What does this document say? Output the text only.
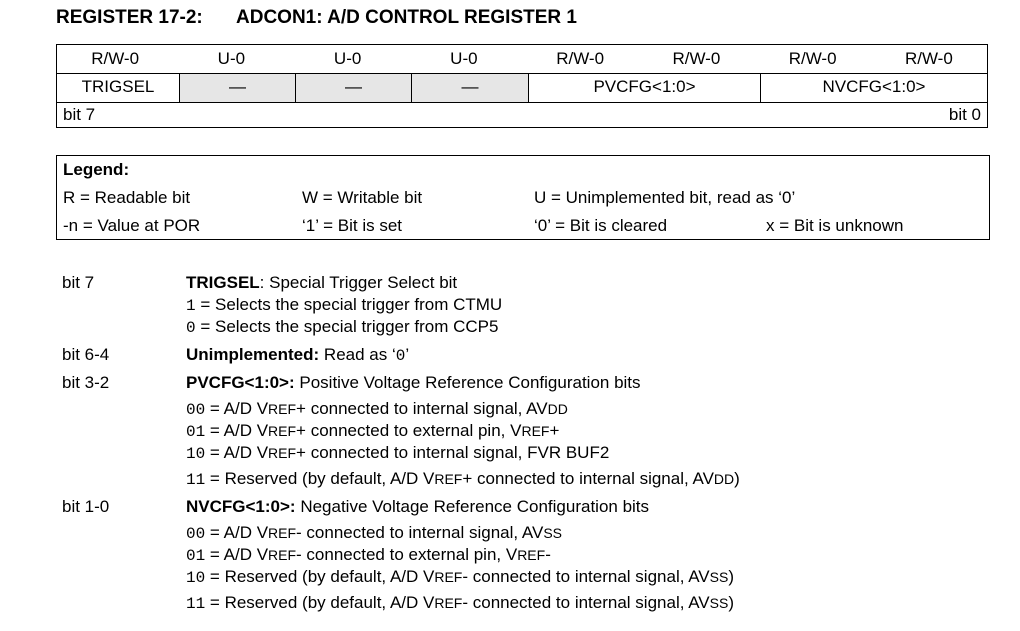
REGISTER 17-2: ADCON1: A/D CONTROL REGISTER 1
R/W-0	U-0	U-0	U-0	R/W-0	R/W-0	R/W-0	R/W-0
TRIGSEL	—	—	—	PVCFG<1:0>	NVCFG<1:0>
bit 7	bit 0
Legend:
R = Readable bit	W = Writable bit	U = Unimplemented bit, read as ‘0’
-n = Value at POR	‘1’ = Bit is set	‘0’ = Bit is cleared	x = Bit is unknown
bit 7	TRIGSEL: Special Trigger Select bit
1 = Selects the special trigger from CTMU
0 = Selects the special trigger from CCP5
bit 6-4	Unimplemented: Read as ‘0’
bit 3-2	PVCFG<1:0>: Positive Voltage Reference Configuration bits
00 = A/D VREF+ connected to internal signal, AVDD
01 = A/D VREF+ connected to external pin, VREF+
10 = A/D VREF+ connected to internal signal, FVR BUF2
11 = Reserved (by default, A/D VREF+ connected to internal signal, AVDD)
bit 1-0	NVCFG<1:0>: Negative Voltage Reference Configuration bits
00 = A/D VREF- connected to internal signal, AVSS
01 = A/D VREF- connected to external pin, VREF-
10 = Reserved (by default, A/D VREF- connected to internal signal, AVSS)
11 = Reserved (by default, A/D VREF- connected to internal signal, AVSS)
